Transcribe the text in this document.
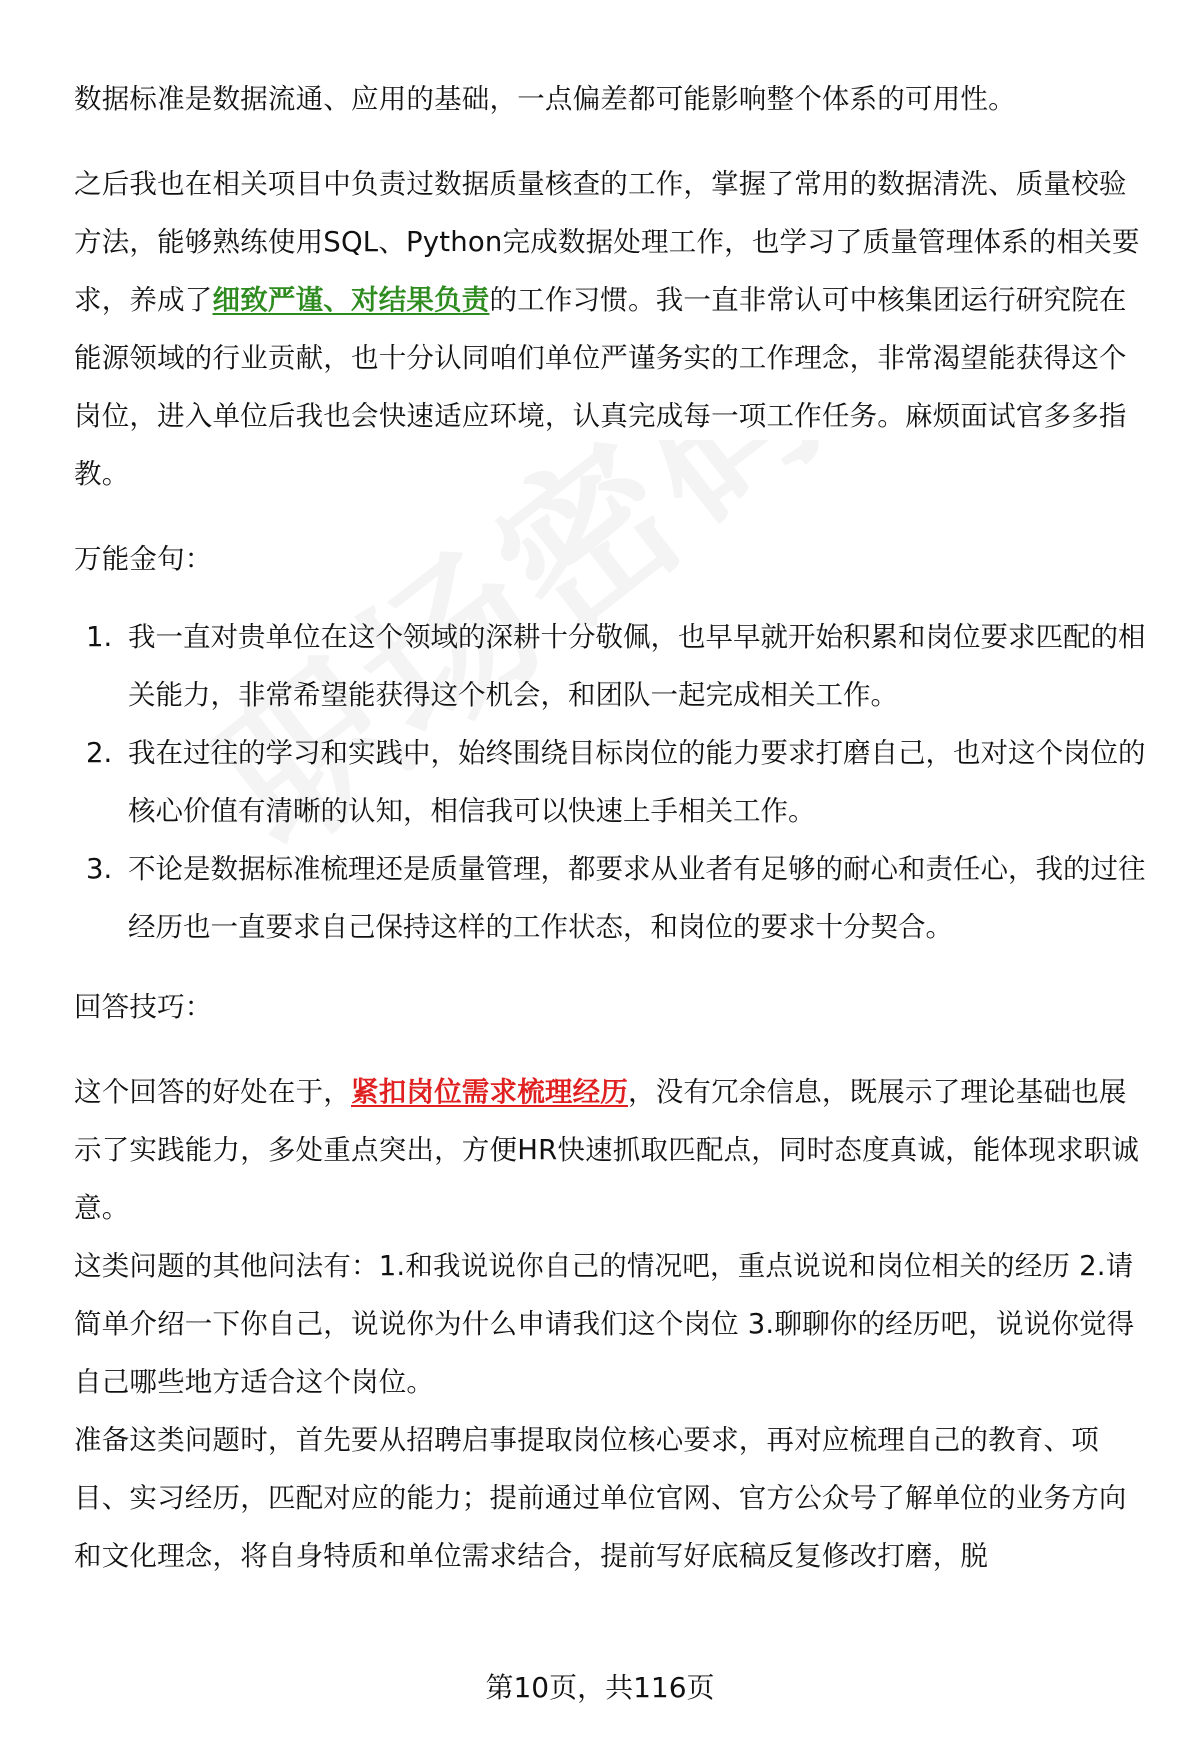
数据标准是数据流通、应用的基础，一点偏差都可能影响整个体系的可用性。

之后我也在相关项目中负责过数据质量核查的工作，掌握了常用的数据清洗、质量校验方法，能够熟练使用SQL、Python完成数据处理工作，也学习了质量管理体系的相关要求，养成了细致严谨、对结果负责的工作习惯。我一直非常认可中核集团运行研究院在能源领域的行业贡献，也十分认同咱们单位严谨务实的工作理念，非常渴望能获得这个岗位，进入单位后我也会快速适应环境，认真完成每一项工作任务。麻烦面试官多多指教。

万能金句：

1. 我一直对贵单位在这个领域的深耕十分敬佩，也早早就开始积累和岗位要求匹配的相关能力，非常希望能获得这个机会，和团队一起完成相关工作。
2. 我在过往的学习和实践中，始终围绕目标岗位的能力要求打磨自己，也对这个岗位的核心价值有清晰的认知，相信我可以快速上手相关工作。
3. 不论是数据标准梳理还是质量管理，都要求从业者有足够的耐心和责任心，我的过往经历也一直要求自己保持这样的工作状态，和岗位的要求十分契合。

回答技巧：

这个回答的好处在于，紧扣岗位需求梳理经历，没有冗余信息，既展示了理论基础也展示了实践能力，多处重点突出，方便HR快速抓取匹配点，同时态度真诚，能体现求职诚意。

这类问题的其他问法有：1.和我说说你自己的情况吧，重点说说和岗位相关的经历 2.请简单介绍一下你自己，说说你为什么申请我们这个岗位 3.聊聊你的经历吧，说说你觉得自己哪些地方适合这个岗位。

准备这类问题时，首先要从招聘启事提取岗位核心要求，再对应梳理自己的教育、项目、实习经历，匹配对应的能力；提前通过单位官网、官方公众号了解单位的业务方向和文化理念，将自身特质和单位需求结合，提前写好底稿反复修改打磨，脱

第10页，共116页
